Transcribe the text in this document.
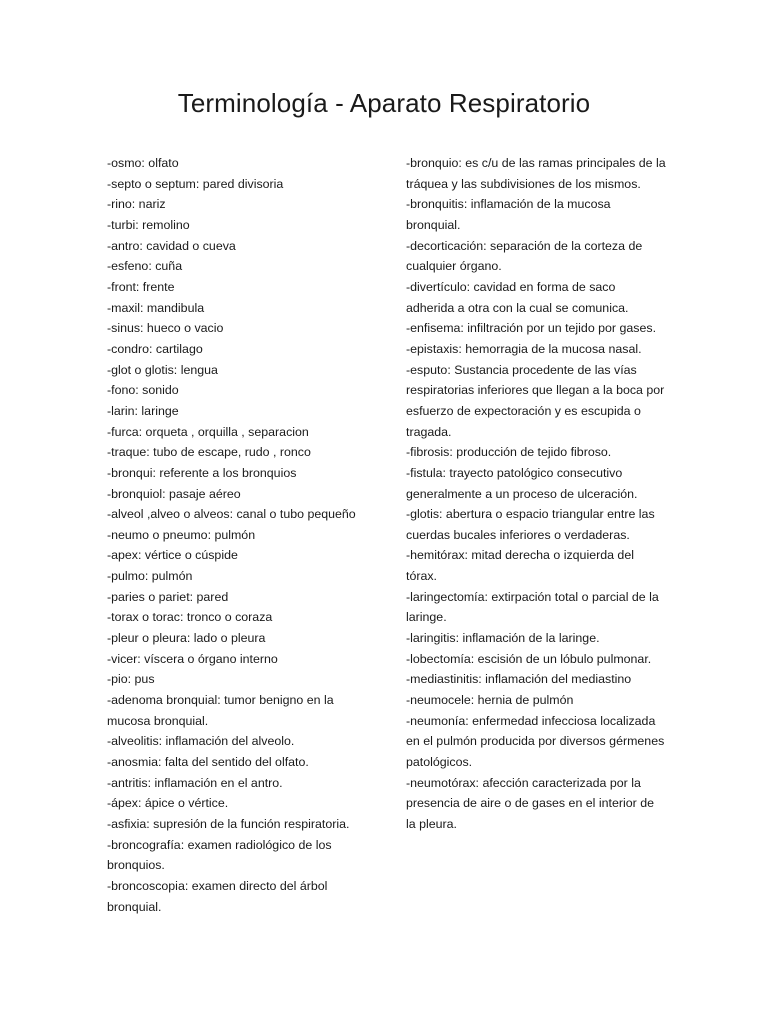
Terminología - Aparato Respiratorio
-osmo: olfato
-septo o septum: pared divisoria
-rino: nariz
-turbi: remolino
-antro: cavidad o cueva
-esfeno: cuña
-front: frente
-maxil: mandibula
-sinus: hueco o vacio
-condro: cartilago
-glot o glotis: lengua
-fono: sonido
-larin: laringe
-furca: orqueta , orquilla , separacion
-traque: tubo de escape, rudo , ronco
-bronqui: referente a los bronquios
-bronquiol: pasaje aéreo
-alveol ,alveo o alveos: canal o tubo pequeño
-neumo o pneumo: pulmón
-apex: vértice o cúspide
-pulmo: pulmón
-paries o pariet: pared
-torax o torac: tronco o coraza
-pleur o pleura: lado o pleura
-vicer: víscera o órgano interno
-pio: pus
-adenoma bronquial: tumor benigno en la mucosa bronquial.
-alveolitis: inflamación del alveolo.
-anosmia: falta del sentido del olfato.
-antritis: inflamación en el antro.
-ápex: ápice o vértice.
-asfixia: supresión de la función respiratoria.
-broncografía: examen radiológico de los bronquios.
-broncoscopia: examen directo del árbol bronquial.
-bronquio: es c/u de las ramas principales de la tráquea y las subdivisiones de los mismos.
-bronquitis: inflamación de la mucosa bronquial.
-decorticación: separación de la corteza de cualquier órgano.
-divertículo: cavidad en forma de saco adherida a otra con la cual se comunica.
-enfisema: infiltración por un tejido por gases.
-epistaxis: hemorragia de la mucosa nasal.
-esputo: Sustancia procedente de las vías respiratorias inferiores que llegan a la boca por esfuerzo de expectoración y es escupida o tragada.
-fibrosis: producción de tejido fibroso.
-fistula: trayecto patológico consecutivo generalmente a un proceso de ulceración.
-glotis: abertura o espacio triangular entre las cuerdas bucales inferiores o verdaderas.
-hemitórax: mitad derecha o izquierda del tórax.
-laringectomía: extirpación total o parcial de la laringe.
-laringitis: inflamación de la laringe.
-lobectomía: escisión de un lóbulo pulmonar.
-mediastinitis: inflamación del mediastino
-neumocele: hernia de pulmón
-neumonía: enfermedad infecciosa localizada en el pulmón producida por diversos gérmenes patológicos.
-neumotórax: afección caracterizada por la presencia de aire o de gases en el interior de la pleura.
